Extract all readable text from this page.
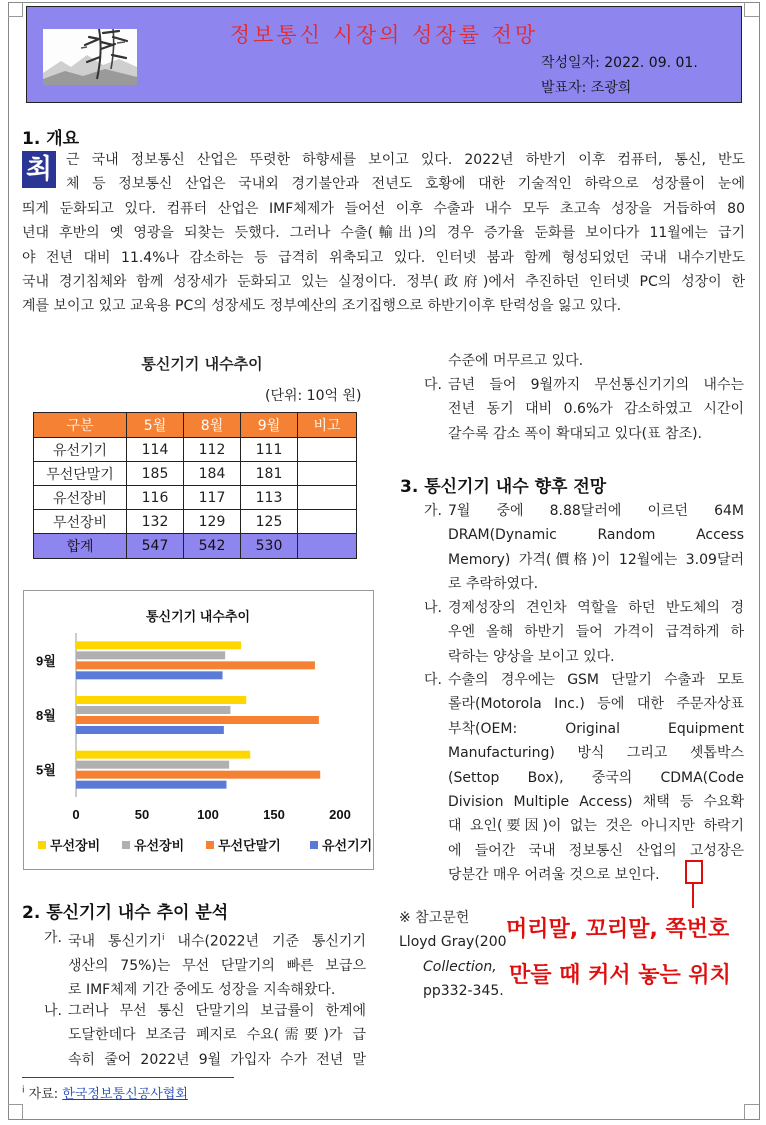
정보통신 시장의 성장률 전망
작성일자: 2022. 09. 01.
발표자: 조광희
1. 개요
최 근 국내 정보통신 산업은 뚜렷한 하향세를 보이고 있다. 2022년 하반기 이후 컴퓨터, 통신, 반도
체 등 정보통신 산업은 국내외 경기불안과 전년도 호황에 대한 기술적인 하락으로 성장률이 눈에
띄게 둔화되고 있다. 컴퓨터 산업은 IMF체제가 들어선 이후 수출과 내수 모두 초고속 성장을 거듭하여 80
년대 후반의 옛 영광을 되찾는 듯했다. 그러나 수출(輸出)의 경우 증가율 둔화를 보이다가 11월에는 급기
야 전년 대비 11.4%나 감소하는 등 급격히 위축되고 있다. 인터넷 붐과 함께 형성되었던 국내 내수기반도
국내 경기침체와 함께 성장세가 둔화되고 있는 실정이다. 정부(政府)에서 추진하던 인터넷 PC의 성장이 한
계를 보이고 있고 교육용 PC의 성장세도 정부예산의 조기집행으로 하반기이후 탄력성을 잃고 있다.
통신기기 내수추이
(단위: 10억 원)
구분	5월	8월	9월	비고
유선기기	114	112	111	
무선단말기	185	184	181	
유선장비	116	117	113	
무선장비	132	129	125	
합계	547	542	530	
통신기기 내수추이
0	50	100	150	200
5월
8월
9월
무선장비	유선장비	무선단말기	유선기기
2. 통신기기 내수 추이 분석
가. 국내 통신기기$^i$ 내수(2022년 기준 통신기기
생산의 75%)는 무선 단말기의 빠른 보급으
로 IMF체제 기간 중에도 성장을 지속해왔다.
나. 그러나 무선 통신 단말기의 보급률이 한계에
도달한데다 보조금 폐지로 수요(需要)가 급
속히 줄어 2022년 9월 가입자 수가 전년 말
$^i$ 자료: 한국정보통신공사협회
수준에 머무르고 있다.
다. 금년 들어 9월까지 무선통신기기의 내수는
전년 동기 대비 0.6%가 감소하였고 시간이
갈수록 감소 폭이 확대되고 있다(표 참조).
3. 통신기기 내수 향후 전망
가. 7월 중에 8.88달러에 이르던 64M
DRAM(Dynamic Random Access
Memory) 가격(價格)이 12월에는 3.09달러
로 추락하였다.
나. 경제성장의 견인차 역할을 하던 반도체의 경
우엔 올해 하반기 들어 가격이 급격하게 하
락하는 양상을 보이고 있다.
다. 수출의 경우에는 GSM 단말기 수출과 모토
롤라(Motorola Inc.) 등에 대한 주문자상표
부착(OEM: Original Equipment
Manufacturing) 방식 그리고 셋톱박스
(Settop Box), 중국의 CDMA(Code
Division Multiple Access) 채택 등 수요확
대 요인(要因)이 없는 것은 아니지만 하락기
에 들어간 국내 정보통신 산업의 고성장은
당분간 매우 어려울 것으로 보인다.
※ 참고문헌
Lloyd Gray(200
Collection,
pp332-345.
머리말, 꼬리말, 쪽번호
만들 때 커서 놓는 위치
